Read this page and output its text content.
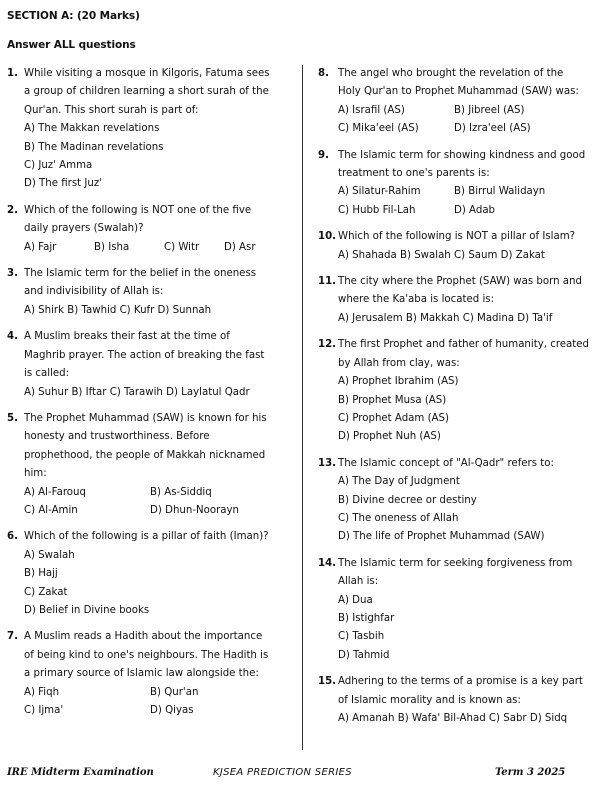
SECTION A: (20 Marks)
Answer ALL questions
1. While visiting a mosque in Kilgoris, Fatuma sees
a group of children learning a short surah of the
Qur'an. This short surah is part of:
A) The Makkan revelations
B) The Madinan revelations
C) Juz' Amma
D) The first Juz'
2. Which of the following is NOT one of the five
daily prayers (Swalah)?
A) Fajr	B) Isha	C) Witr	D) Asr
3. The Islamic term for the belief in the oneness
and indivisibility of Allah is:
A) Shirk B) Tawhid C) Kufr D) Sunnah
4. A Muslim breaks their fast at the time of
Maghrib prayer. The action of breaking the fast
is called:
A) Suhur B) Iftar C) Tarawih D) Laylatul Qadr
5. The Prophet Muhammad (SAW) is known for his
honesty and trustworthiness. Before
prophethood, the people of Makkah nicknamed
him:
A) Al-Farouq	B) As-Siddiq
C) Al-Amin	D) Dhun-Noorayn
6. Which of the following is a pillar of faith (Iman)?
A) Swalah
B) Hajj
C) Zakat
D) Belief in Divine books
7. A Muslim reads a Hadith about the importance
of being kind to one's neighbours. The Hadith is
a primary source of Islamic law alongside the:
A) Fiqh	B) Qur'an
C) Ijma'	D) Qiyas
8. The angel who brought the revelation of the
Holy Qur'an to Prophet Muhammad (SAW) was:
A) Israfil (AS)	B) Jibreel (AS)
C) Mika'eel (AS)	D) Izra'eel (AS)
9. The Islamic term for showing kindness and good
treatment to one's parents is:
A) Silatur-Rahim	B) Birrul Walidayn
C) Hubb Fil-Lah	D) Adab
10. Which of the following is NOT a pillar of Islam?
A) Shahada B) Swalah C) Saum D) Zakat
11. The city where the Prophet (SAW) was born and
where the Ka'aba is located is:
A) Jerusalem B) Makkah C) Madina D) Ta'if
12. The first Prophet and father of humanity, created
by Allah from clay, was:
A) Prophet Ibrahim (AS)
B) Prophet Musa (AS)
C) Prophet Adam (AS)
D) Prophet Nuh (AS)
13. The Islamic concept of "Al-Qadr" refers to:
A) The Day of Judgment
B) Divine decree or destiny
C) The oneness of Allah
D) The life of Prophet Muhammad (SAW)
14. The Islamic term for seeking forgiveness from
Allah is:
A) Dua
B) Istighfar
C) Tasbih
D) Tahmid
15. Adhering to the terms of a promise is a key part
of Islamic morality and is known as:
A) Amanah B) Wafa' Bil-Ahad C) Sabr D) Sidq
IRE Midterm Examination	KJSEA PREDICTION SERIES	Term 3 2025
